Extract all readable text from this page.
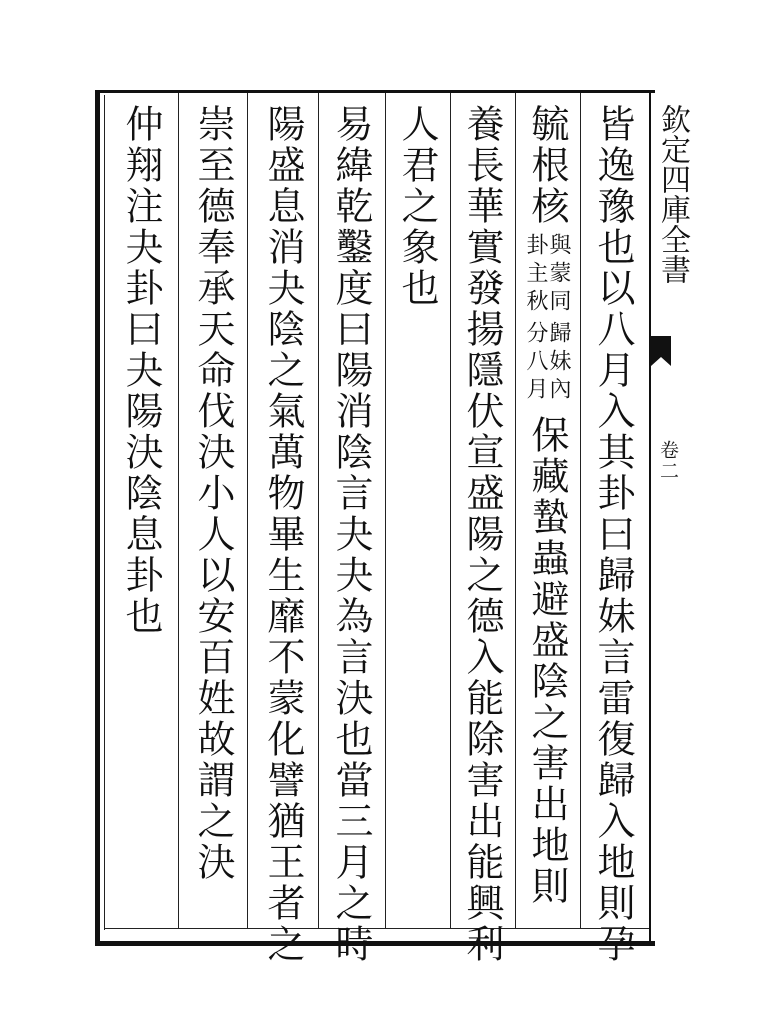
欽定四庫全書
卷二
皆逸豫也以八月入其卦曰歸妹言雷復歸入地則孕
毓根核
與蒙同歸妹內
卦主秋分八月
保藏蟄蟲避盛陰之害出地則
養長華實發揚隱伏宣盛陽之德入能除害出能興利
人君之象也
易緯乾鑿度曰陽消陰言夬夬為言決也當三月之時
陽盛息消夬陰之氣萬物畢生靡不蒙化譬猶王者之
崇至德奉承天命伐決小人以安百姓故謂之決
仲翔注夬卦曰夬陽決陰息卦也
